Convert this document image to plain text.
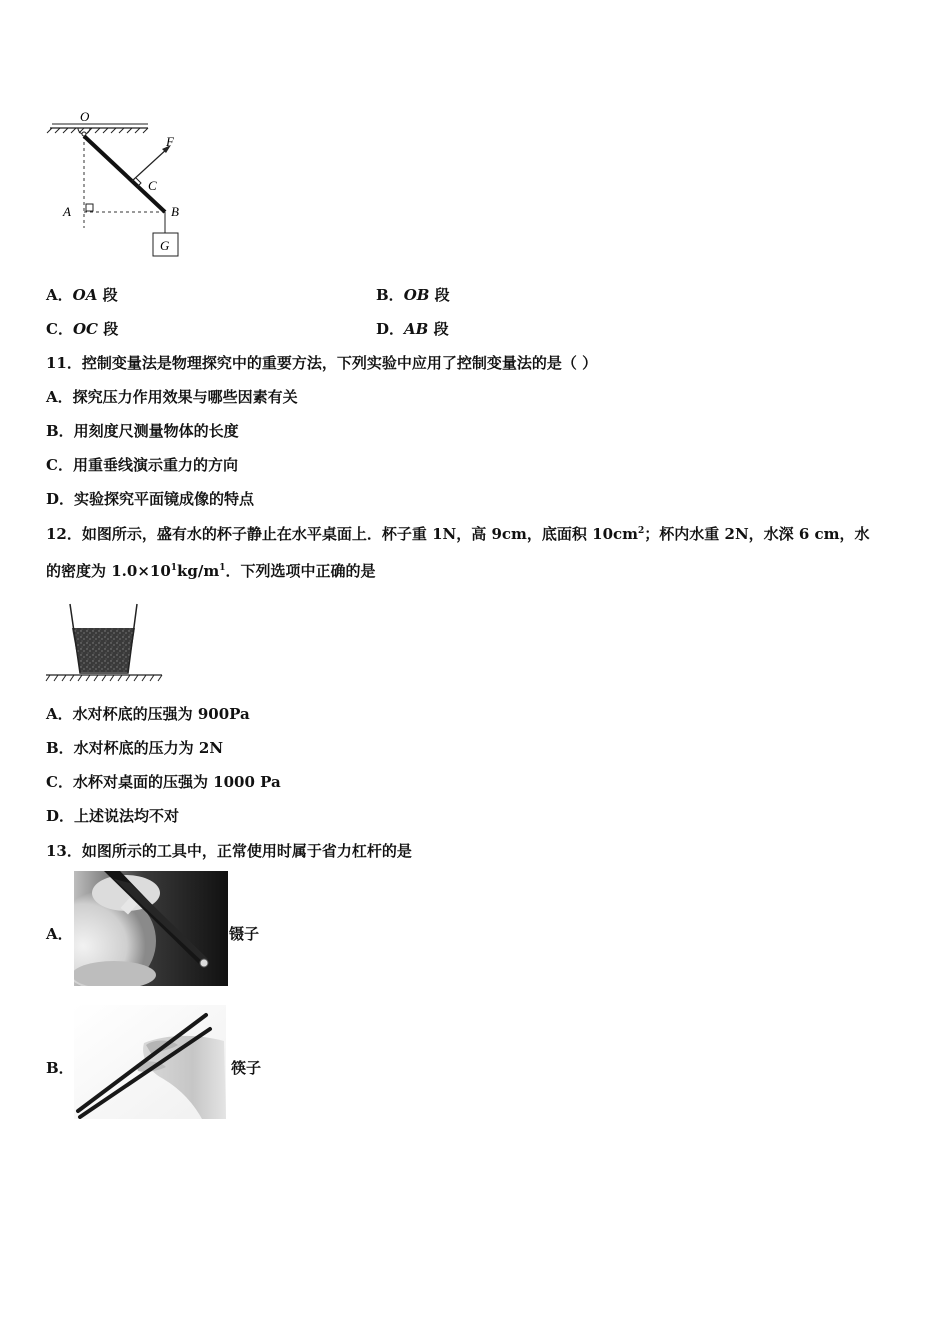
O
F
C
A	B
G
A．OA 段	B．OB 段
C．OC 段	D．AB 段
11．控制变量法是物理探究中的重要方法，下列实验中应用了控制变量法的是（ ）
A．探究压力作用效果与哪些因素有关
B．用刻度尺测量物体的长度
C．用重垂线演示重力的方向
D．实验探究平面镜成像的特点
12．如图所示，盛有水的杯子静止在水平桌面上．杯子重 1N，高 9cm，底面积 $10cm^2$；杯内水重 2N，水深 6 cm，水
的密度为 $1.0\times 10^1kg/m^1$．下列选项中正确的是
A．水对杯底的压强为 900Pa
B．水对杯底的压力为 2N
C．水杯对桌面的压强为 1000 Pa
D．上述说法均不对
13．如图所示的工具中，正常使用时属于省力杠杆的是
A．	镊子
B．	筷子
